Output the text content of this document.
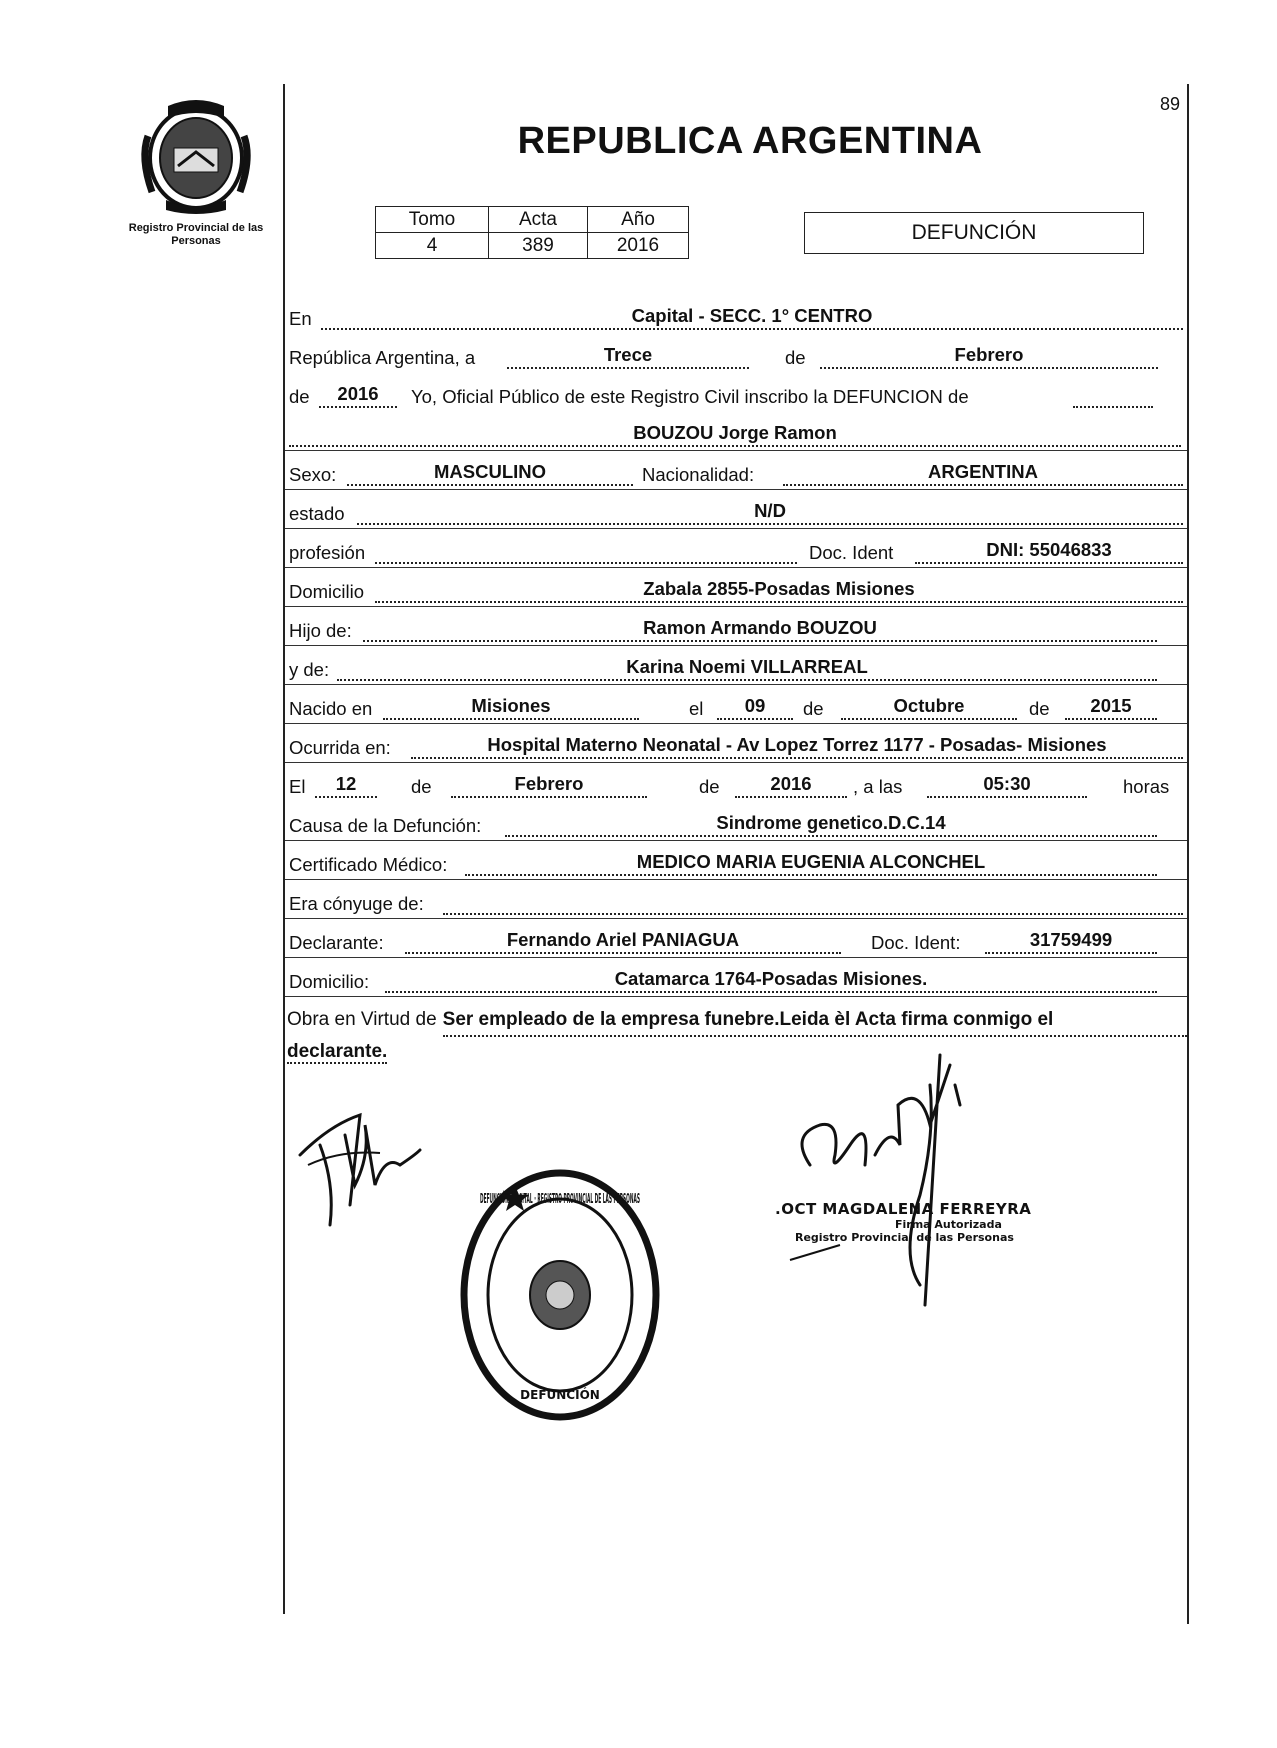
89
Registro Provincial de las Personas
REPUBLICA ARGENTINA
Tomo	Acta	Año
4	389	2016
DEFUNCIÓN
En	Capital - SECC. 1° CENTRO
República Argentina, a	Trece	de	Febrero
de	2016	Yo, Oficial Público de este Registro Civil inscribo la DEFUNCION de
BOUZOU Jorge Ramon
Sexo:	MASCULINO	Nacionalidad:	ARGENTINA
estado	N/D
profesión	Doc. Ident	DNI: 55046833
Domicilio	Zabala 2855-Posadas Misiones
Hijo de:	Ramon Armando BOUZOU
y de:	Karina Noemi VILLARREAL
Nacido en	Misiones	el	09	de	Octubre	de	2015
Ocurrida en:	Hospital Materno Neonatal - Av Lopez Torrez 1177 - Posadas- Misiones
El	12	de	Febrero	de	2016	, a las	05:30	horas
Causa de la Defunción:	Sindrome genetico.D.C.14
Certificado Médico:	MEDICO MARIA EUGENIA ALCONCHEL
Era cónyuge de:
Declarante:	Fernando Ariel PANIAGUA	Doc. Ident:	31759499
Domicilio:	Catamarca 1764-Posadas Misiones.
Obra en Virtud de Ser empleado de la empresa funebre.Leida èl Acta firma conmigo el
declarante.
DEFUNCIÓN · DIGITAL · REGISTRO PROVINCIAL DE LAS PERSONAS
DEFUNCIÓN
.OCT MAGDALENA FERREYRA
Firma Autorizada
Registro Provincial de las Personas
